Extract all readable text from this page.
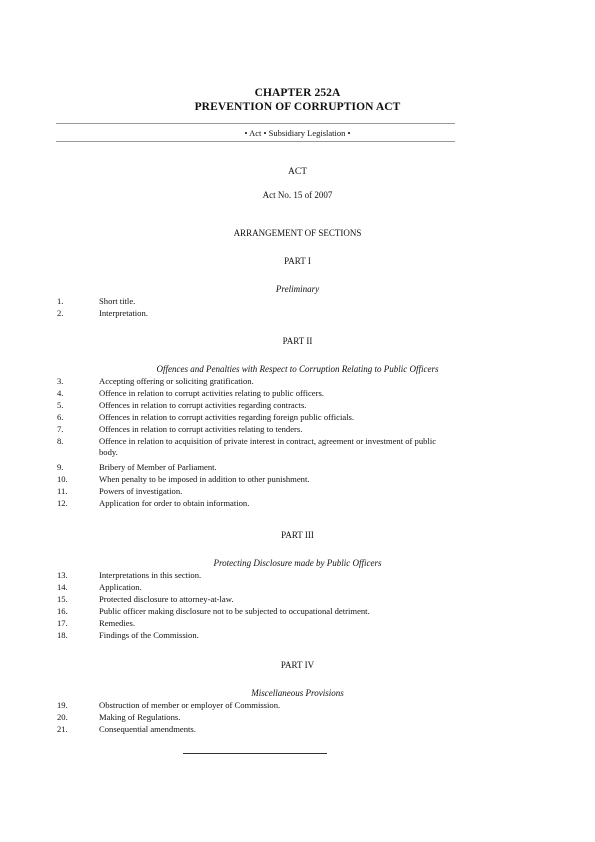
CHAPTER 252A
PREVENTION OF CORRUPTION ACT
• Act • Subsidiary Legislation •
ACT
Act No. 15 of 2007
ARRANGEMENT OF SECTIONS
PART I
Preliminary
1.	Short title.
2.	Interpretation.
PART II
Offences and Penalties with Respect to Corruption Relating to Public Officers
3.	Accepting offering or soliciting gratification.
4.	Offence in relation to corrupt activities relating to public officers.
5.	Offences in relation to corrupt activities regarding contracts.
6.	Offences in relation to corrupt activities regarding foreign public officials.
7.	Offences in relation to corrupt activities relating to tenders.
8.	Offence in relation to acquisition of private interest in contract, agreement or investment of public body.
9.	Bribery of Member of Parliament.
10.	When penalty to be imposed in addition to other punishment.
11.	Powers of investigation.
12.	Application for order to obtain information.
PART III
Protecting Disclosure made by Public Officers
13.	Interpretations in this section.
14.	Application.
15.	Protected disclosure to attorney-at-law.
16.	Public officer making disclosure not to be subjected to occupational detriment.
17.	Remedies.
18.	Findings of the Commission.
PART IV
Miscellaneous Provisions
19.	Obstruction of member or employer of Commission.
20.	Making of Regulations.
21.	Consequential amendments.
